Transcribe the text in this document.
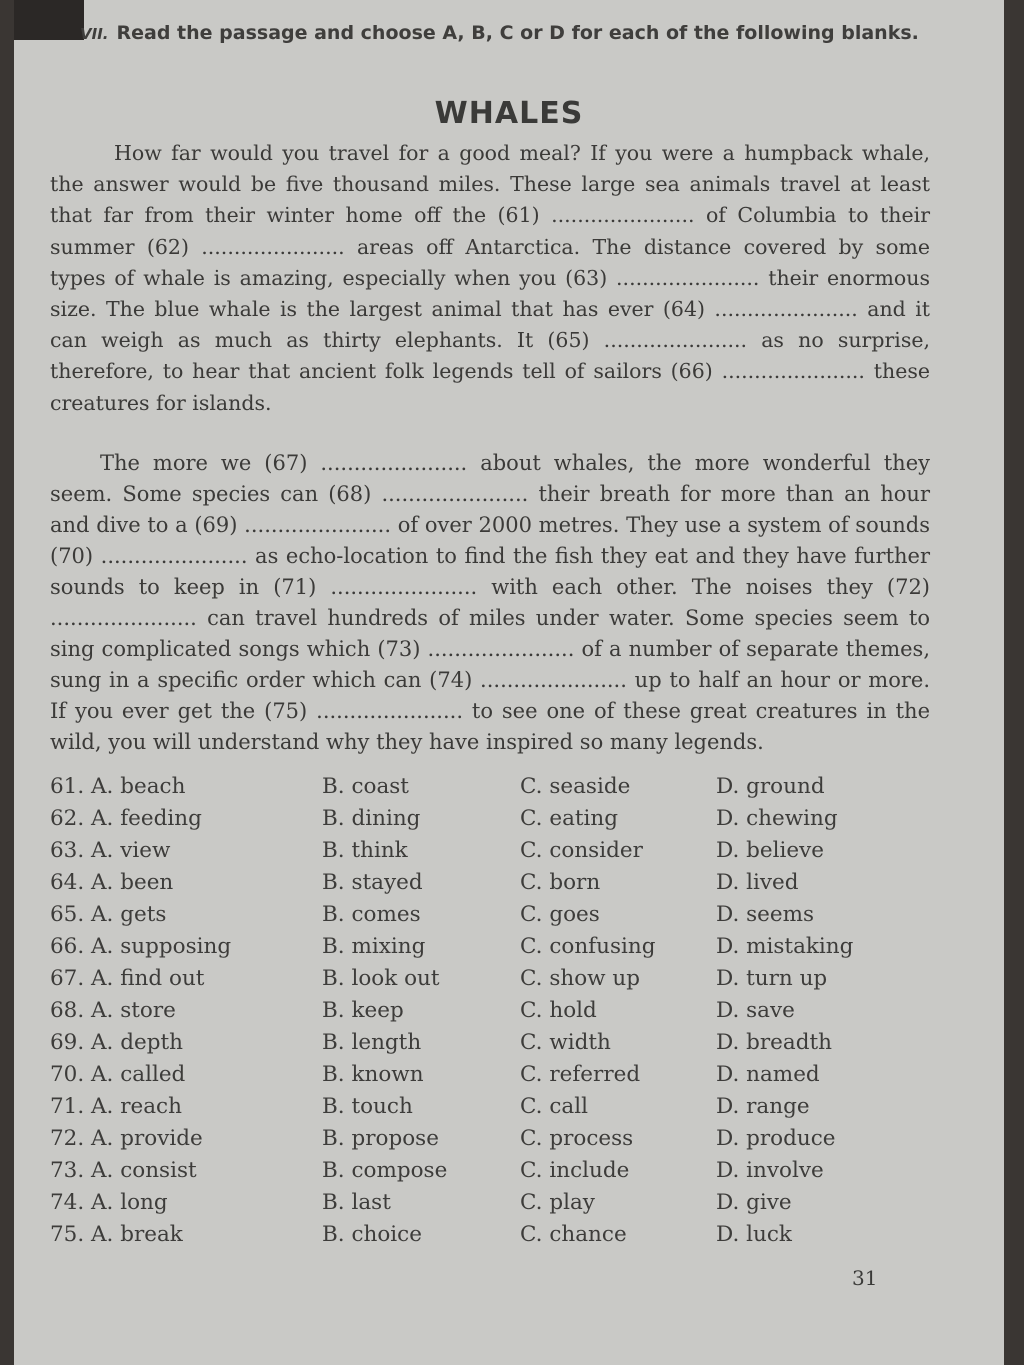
VII. Read the passage and choose A, B, C or D for each of the following blanks.
WHALES
How far would you travel for a good meal? If you were a humpback whale, the answer would be five thousand miles. These large sea animals travel at least that far from their winter home off the (61) ...................... of Columbia to their summer (62) ...................... areas off Antarctica. The distance covered by some types of whale is amazing, especially when you (63) ...................... their enormous size. The blue whale is the largest animal that has ever (64) ...................... and it can weigh as much as thirty elephants. It (65) ...................... as no surprise, therefore, to hear that ancient folk legends tell of sailors (66) ...................... these creatures for islands.
The more we (67) ...................... about whales, the more wonderful they seem. Some species can (68) ...................... their breath for more than an hour and dive to a (69) ...................... of over 2000 metres. They use a system of sounds (70) ...................... as echo-location to find the fish they eat and they have further sounds to keep in (71) ...................... with each other. The noises they (72) ...................... can travel hundreds of miles under water. Some species seem to sing complicated songs which (73) ...................... of a number of separate themes, sung in a specific order which can (74) ...................... up to half an hour or more. If you ever get the (75) ...................... to see one of these great creatures in the wild, you will understand why they have inspired so many legends.
61. A. beach	B. coast	C. seaside	D. ground
62. A. feeding	B. dining	C. eating	D. chewing
63. A. view	B. think	C. consider	D. believe
64. A. been	B. stayed	C. born	D. lived
65. A. gets	B. comes	C. goes	D. seems
66. A. supposing	B. mixing	C. confusing	D. mistaking
67. A. find out	B. look out	C. show up	D. turn up
68. A. store	B. keep	C. hold	D. save
69. A. depth	B. length	C. width	D. breadth
70. A. called	B. known	C. referred	D. named
71. A. reach	B. touch	C. call	D. range
72. A. provide	B. propose	C. process	D. produce
73. A. consist	B. compose	C. include	D. involve
74. A. long	B. last	C. play	D. give
75. A. break	B. choice	C. chance	D. luck
31
